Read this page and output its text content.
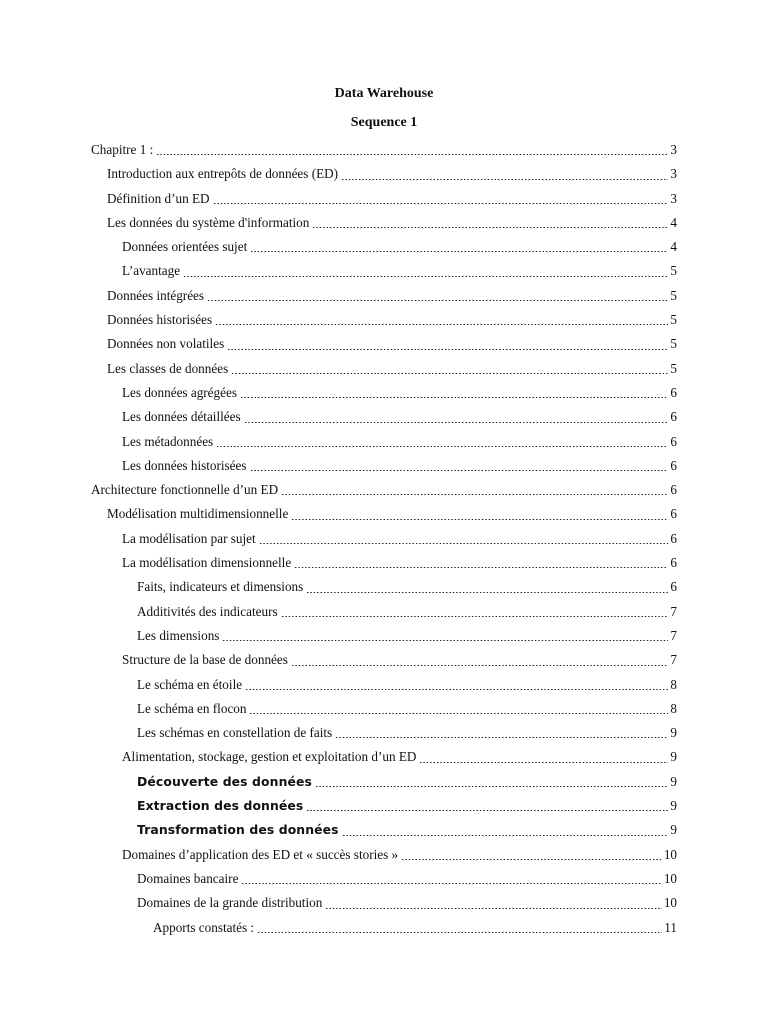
Data Warehouse
Sequence 1
Chapitre 1 :	3
Introduction aux entrepôts de données (ED)	3
Définition d’un ED	3
Les données du système d'information	4
Données orientées sujet	4
L’avantage	5
Données intégrées	5
Données historisées	5
Données non volatiles	5
Les classes de données	5
Les données agrégées	6
Les données détaillées	6
Les métadonnées	6
Les données historisées	6
Architecture fonctionnelle d’un ED	6
Modélisation multidimensionnelle	6
La modélisation par sujet	6
La modélisation dimensionnelle	6
Faits, indicateurs et dimensions	6
Additivités des indicateurs	7
Les dimensions	7
Structure de la base de données	7
Le schéma en étoile	8
Le schéma en flocon	8
Les schémas en constellation de faits	9
Alimentation, stockage, gestion et exploitation d’un ED	9
Découverte des données	9
Extraction des données	9
Transformation des données	9
Domaines d’application des ED et « succès stories »	10
Domaines bancaire	10
Domaines de la grande distribution	10
Apports constatés :	11
